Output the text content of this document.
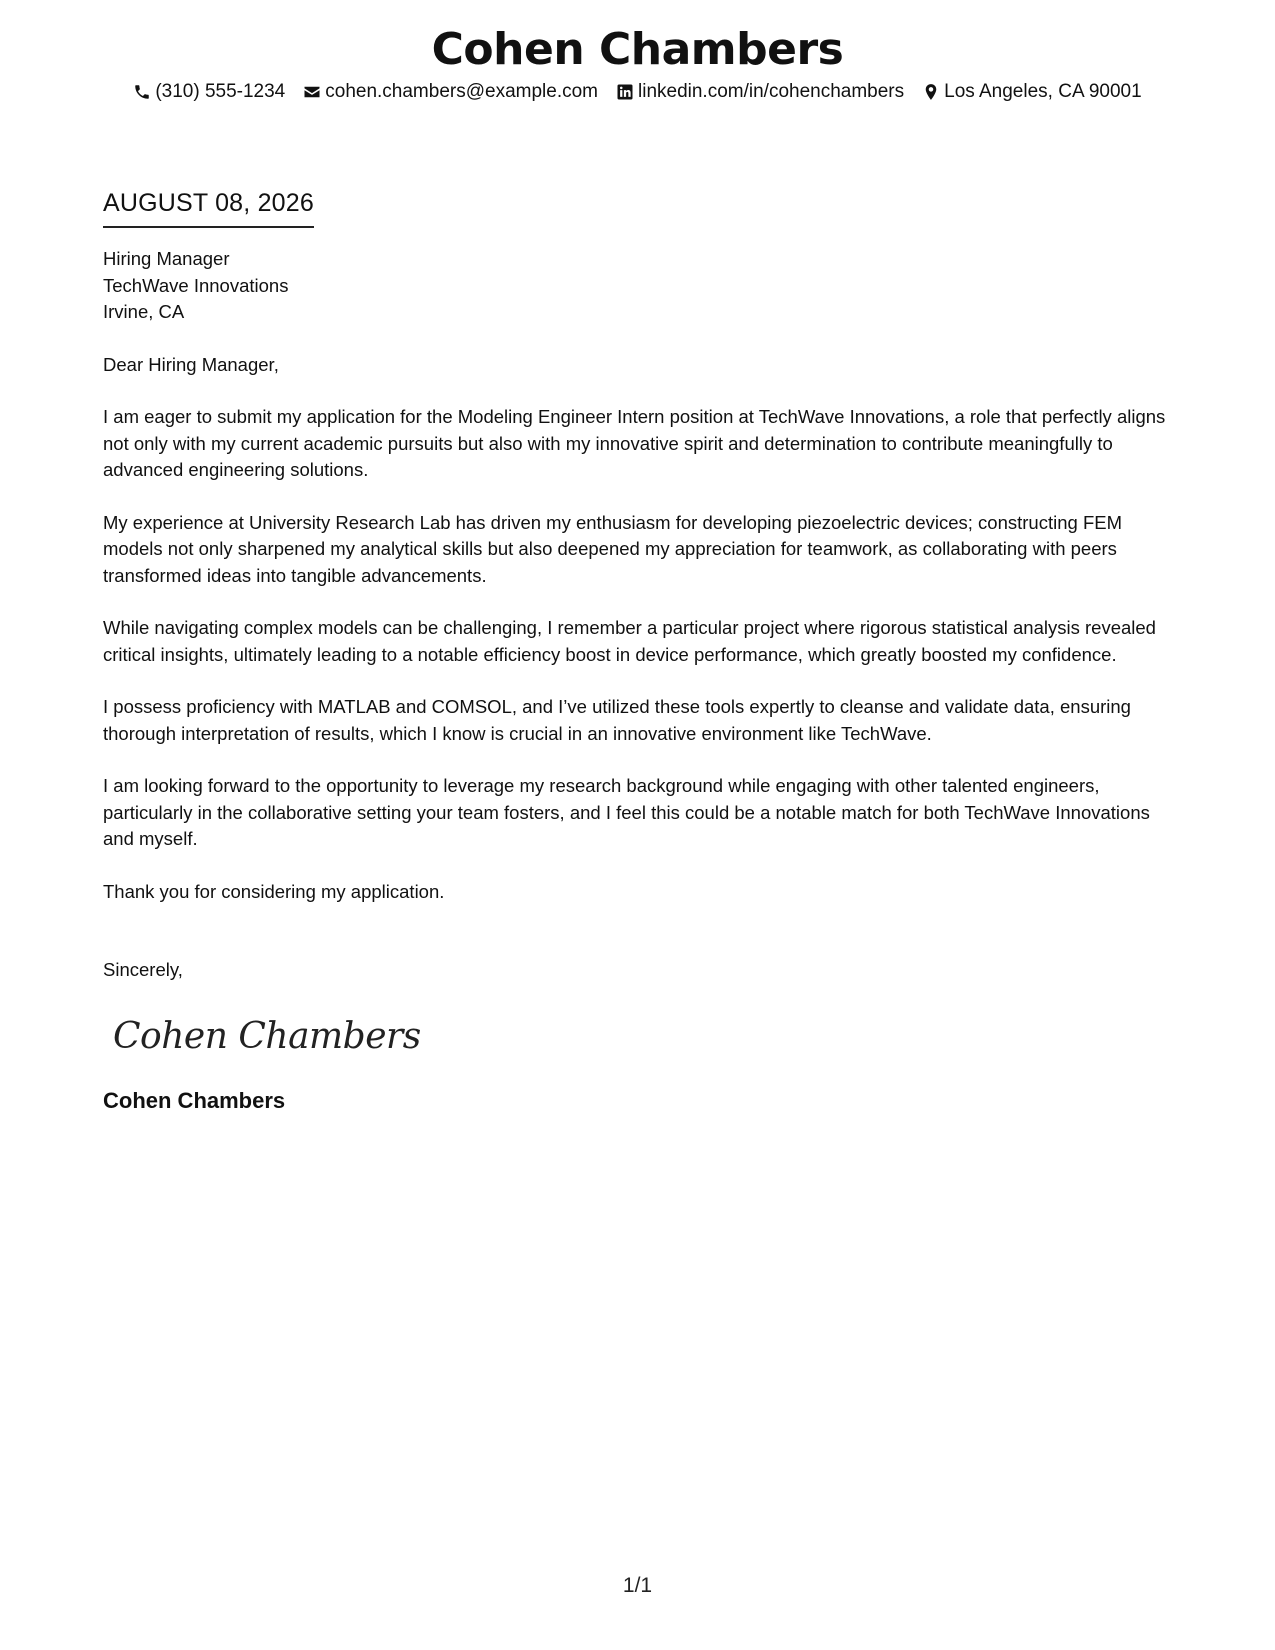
Cohen Chambers
(310) 555-1234 cohen.chambers@example.com linkedin.com/in/cohenchambers Los Angeles, CA 90001
AUGUST 08, 2026
Hiring Manager
TechWave Innovations
Irvine, CA
Dear Hiring Manager,
I am eager to submit my application for the Modeling Engineer Intern position at TechWave Innovations, a role that perfectly aligns not only with my current academic pursuits but also with my innovative spirit and determination to contribute meaningfully to advanced engineering solutions.
My experience at University Research Lab has driven my enthusiasm for developing piezoelectric devices; constructing FEM models not only sharpened my analytical skills but also deepened my appreciation for teamwork, as collaborating with peers transformed ideas into tangible advancements.
While navigating complex models can be challenging, I remember a particular project where rigorous statistical analysis revealed critical insights, ultimately leading to a notable efficiency boost in device performance, which greatly boosted my confidence.
I possess proficiency with MATLAB and COMSOL, and I’ve utilized these tools expertly to cleanse and validate data, ensuring thorough interpretation of results, which I know is crucial in an innovative environment like TechWave.
I am looking forward to the opportunity to leverage my research background while engaging with other talented engineers, particularly in the collaborative setting your team fosters, and I feel this could be a notable match for both TechWave Innovations and myself.
Thank you for considering my application.
Sincerely,
Cohen Chambers
Cohen Chambers
1/1
